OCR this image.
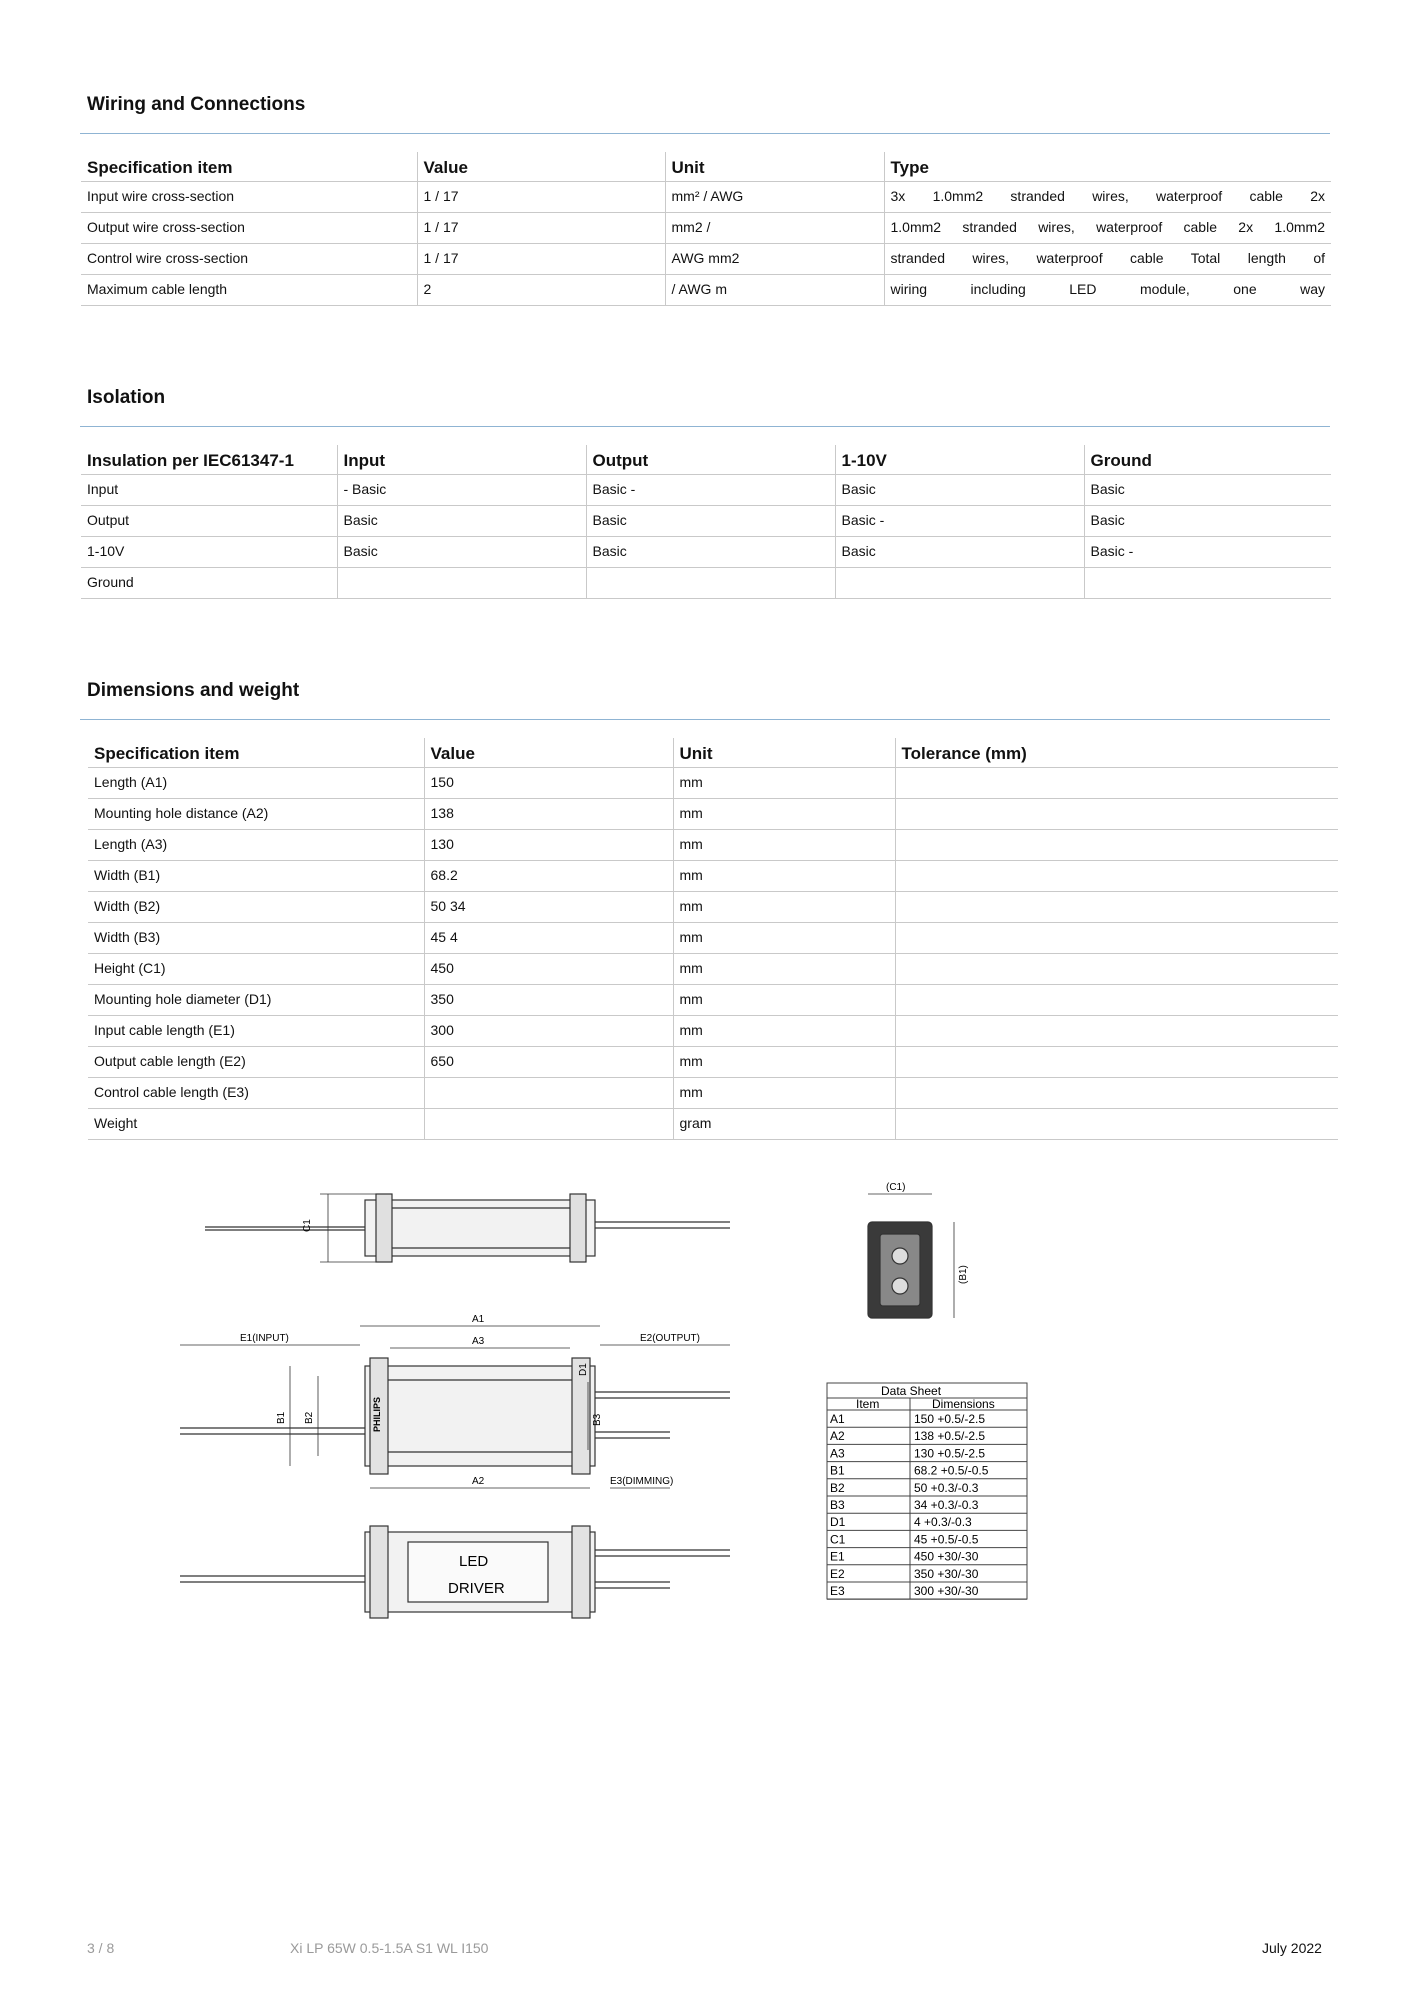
Wiring and Connections
Specification item	Value	Unit	Type
Input wire cross-section	1 / 17	mm² / AWG	3x 1.0mm2 stranded wires, waterproof cable 2x
Output wire cross-section	1 / 17	mm2 /	1.0mm2 stranded wires, waterproof cable 2x 1.0mm2
Control wire cross-section	1 / 17	AWG mm2	stranded wires, waterproof cable Total length of
Maximum cable length	2	/ AWG m	wiring including LED module, one way
Isolation
Insulation per IEC61347-1	Input	Output	1-10V	Ground
Input	- Basic	Basic -	Basic	Basic
Output	Basic	Basic	Basic -	Basic
1-10V	Basic	Basic	Basic	Basic -
Ground				
Dimensions and weight
Specification item	Value	Unit	Tolerance (mm)
Length (A1)	150	mm	
Mounting hole distance (A2)	138	mm	
Length (A3)	130	mm	
Width (B1)	68.2	mm	
Width (B2)	50 34	mm	
Width (B3)	45 4	mm	
Height (C1)	450	mm	
Mounting hole diameter (D1)	350	mm	
Input cable length (E1)	300	mm	
Output cable length (E2)	650	mm	
Control cable length (E3)		mm	
Weight		gram	
C1
A1
A3
A2
E1(INPUT)	E2(OUTPUT)
E3(DIMMING)
B1 B2	B3
D1
PHILIPS
LED
DRIVER
(C1)
(B1)
Data Sheet
Item	Dimensions
A1	150 +0.5/-2.5
A2	138 +0.5/-2.5
A3	130 +0.5/-2.5
B1	68.2 +0.5/-0.5
B2	50 +0.3/-0.3
B3	34 +0.3/-0.3
D1	4 +0.3/-0.3
C1	45 +0.5/-0.5
E1	450 +30/-30
E2	350 +30/-30
E3	300 +30/-30
3 / 8	Xi LP 65W 0.5-1.5A S1 WL I150	July 2022
